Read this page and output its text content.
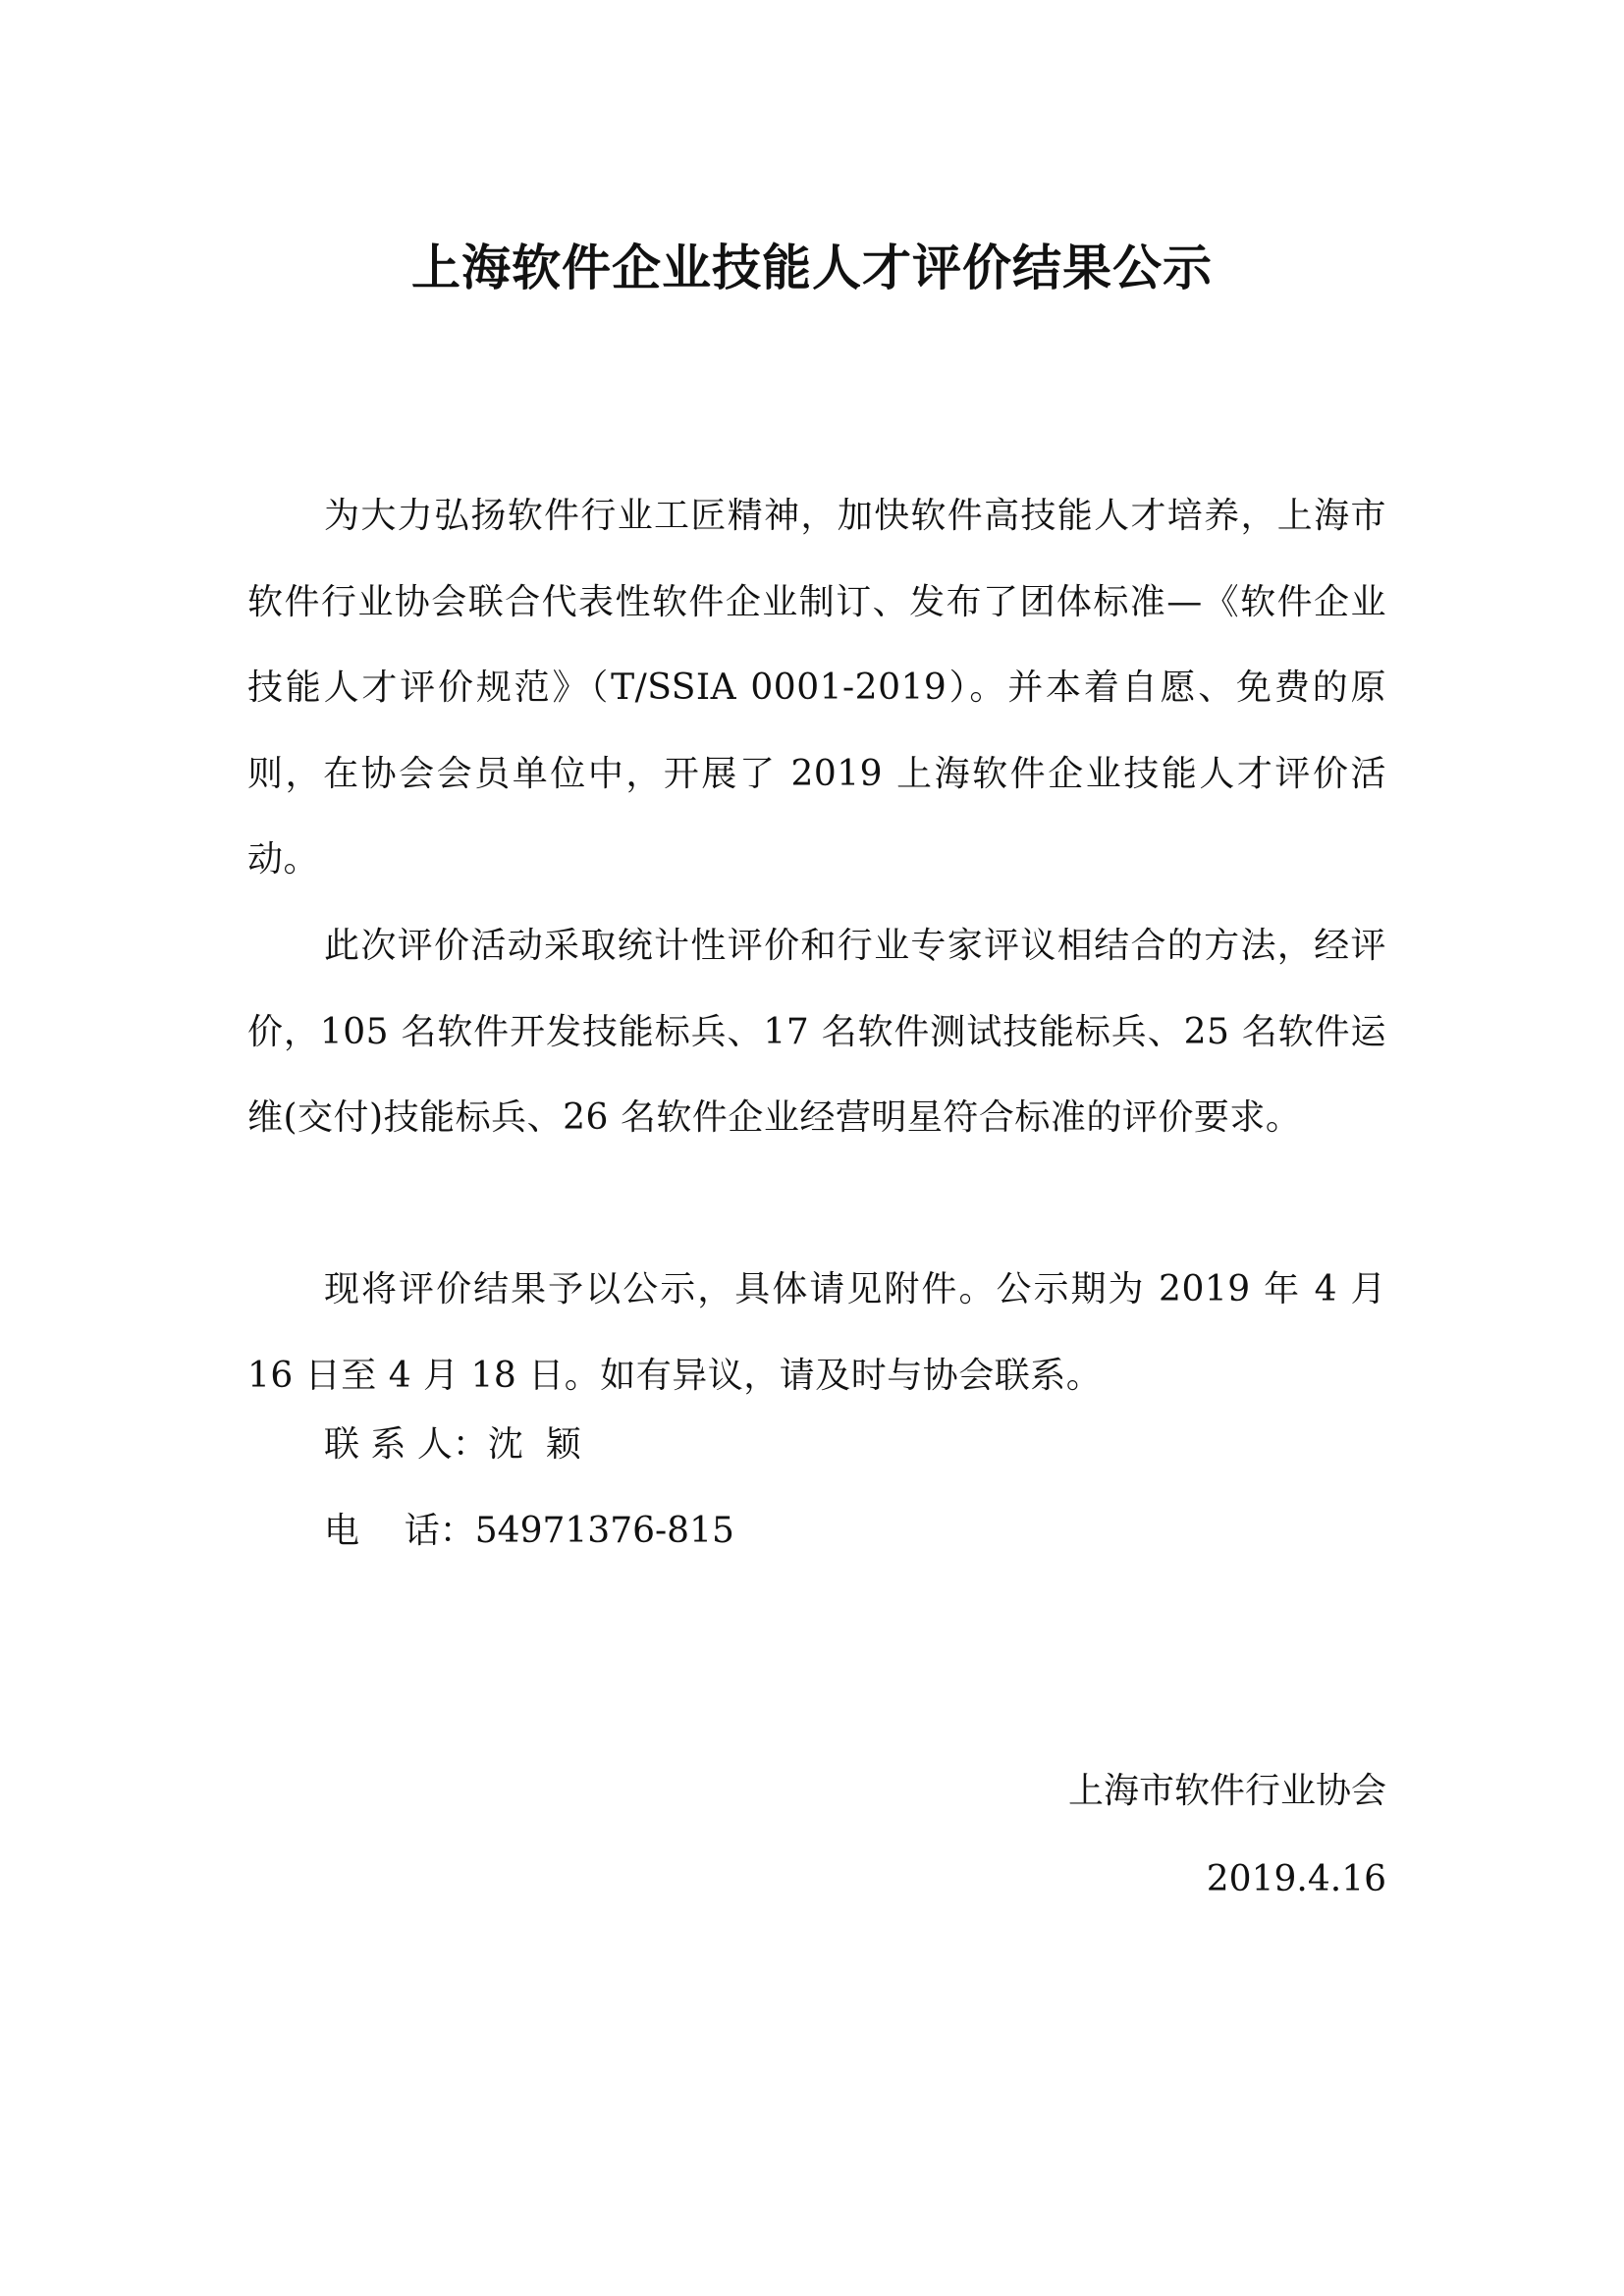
上海软件企业技能人才评价结果公示

为大力弘扬软件行业工匠精神，加快软件高技能人才培养，上海市软件行业协会联合代表性软件企业制订、发布了团体标准—《软件企业技能人才评价规范》（T/SSIA 0001-2019）。并本着自愿、免费的原则，在协会会员单位中，开展了 2019 上海软件企业技能人才评价活动。

此次评价活动采取统计性评价和行业专家评议相结合的方法，经评价，105 名软件开发技能标兵、17 名软件测试技能标兵、25 名软件运维(交付)技能标兵、26 名软件企业经营明星符合标准的评价要求。

现将评价结果予以公示，具体请见附件。公示期为 2019 年 4 月 16 日至 4 月 18 日。如有异议，请及时与协会联系。

联 系 人：沈  颖

电    话：54971376-815

上海市软件行业协会

2019.4.16
